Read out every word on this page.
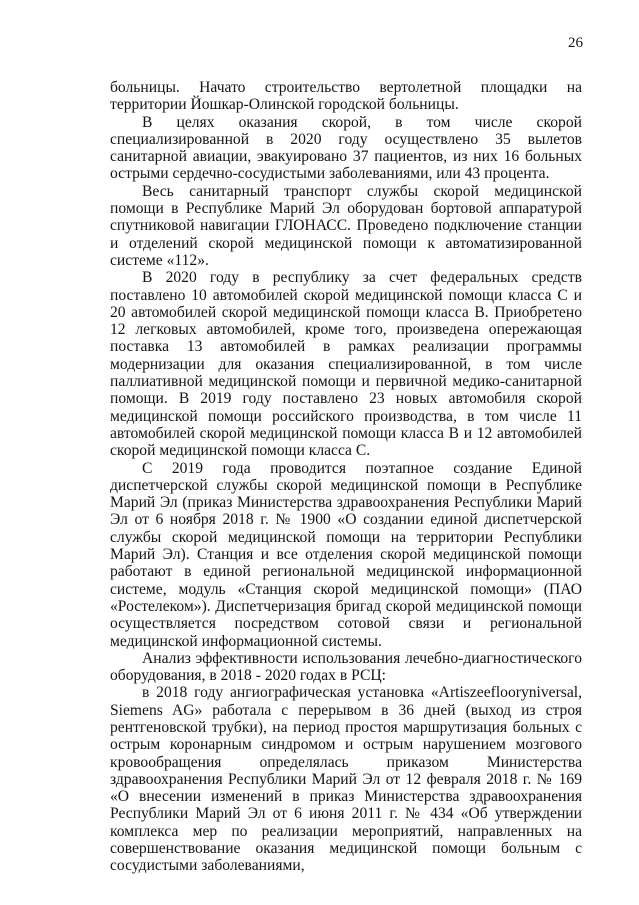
26

больницы. Начато строительство вертолетной площадки на территории Йошкар-Олинской городской больницы.

В целях оказания скорой, в том числе скорой специализированной в 2020 году осуществлено 35 вылетов санитарной авиации, эвакуировано 37 пациентов, из них 16 больных острыми сердечно-сосудистыми заболеваниями, или 43 процента.

Весь санитарный транспорт службы скорой медицинской помощи в Республике Марий Эл оборудован бортовой аппаратурой спутниковой навигации ГЛОНАСС. Проведено подключение станции и отделений скорой медицинской помощи к автоматизированной системе «112».

В 2020 году в республику за счет федеральных средств поставлено 10 автомобилей скорой медицинской помощи класса С и 20 автомобилей скорой медицинской помощи класса В. Приобретено 12 легковых автомобилей, кроме того, произведена опережающая поставка 13 автомобилей в рамках реализации программы модернизации для оказания специализированной, в том числе паллиативной медицинской помощи и первичной медико-санитарной помощи. В 2019 году поставлено 23 новых автомобиля скорой медицинской помощи российского производства, в том числе 11 автомобилей скорой медицинской помощи класса В и 12 автомобилей скорой медицинской помощи класса С.

С 2019 года проводится поэтапное создание Единой диспетчерской службы скорой медицинской помощи в Республике Марий Эл (приказ Министерства здравоохранения Республики Марий Эл от 6 ноября 2018 г. № 1900 «О создании единой диспетчерской службы скорой медицинской помощи на территории Республики Марий Эл). Станция и все отделения скорой медицинской помощи работают в единой региональной медицинской информационной системе, модуль «Станция скорой медицинской помощи» (ПАО «Ростелеком»). Диспетчеризация бригад скорой медицинской помощи осуществляется посредством сотовой связи и региональной медицинской информационной системы.

Анализ эффективности использования лечебно-диагностического оборудования, в 2018 - 2020 годах в РСЦ:

в 2018 году ангиографическая установка «Artiszeefloorуniversal, Siemens AG» работала с перерывом в 36 дней (выход из строя рентгеновской трубки), на период простоя маршрутизация больных с острым коронарным синдромом и острым нарушением мозгового кровообращения определялась приказом Министерства здравоохранения Республики Марий Эл от 12 февраля 2018 г. № 169 «О внесении изменений в приказ Министерства здравоохранения Республики Марий Эл от 6 июня 2011 г. № 434 «Об утверждении комплекса мер по реализации мероприятий, направленных на совершенствование оказания медицинской помощи больным с сосудистыми заболеваниями,
